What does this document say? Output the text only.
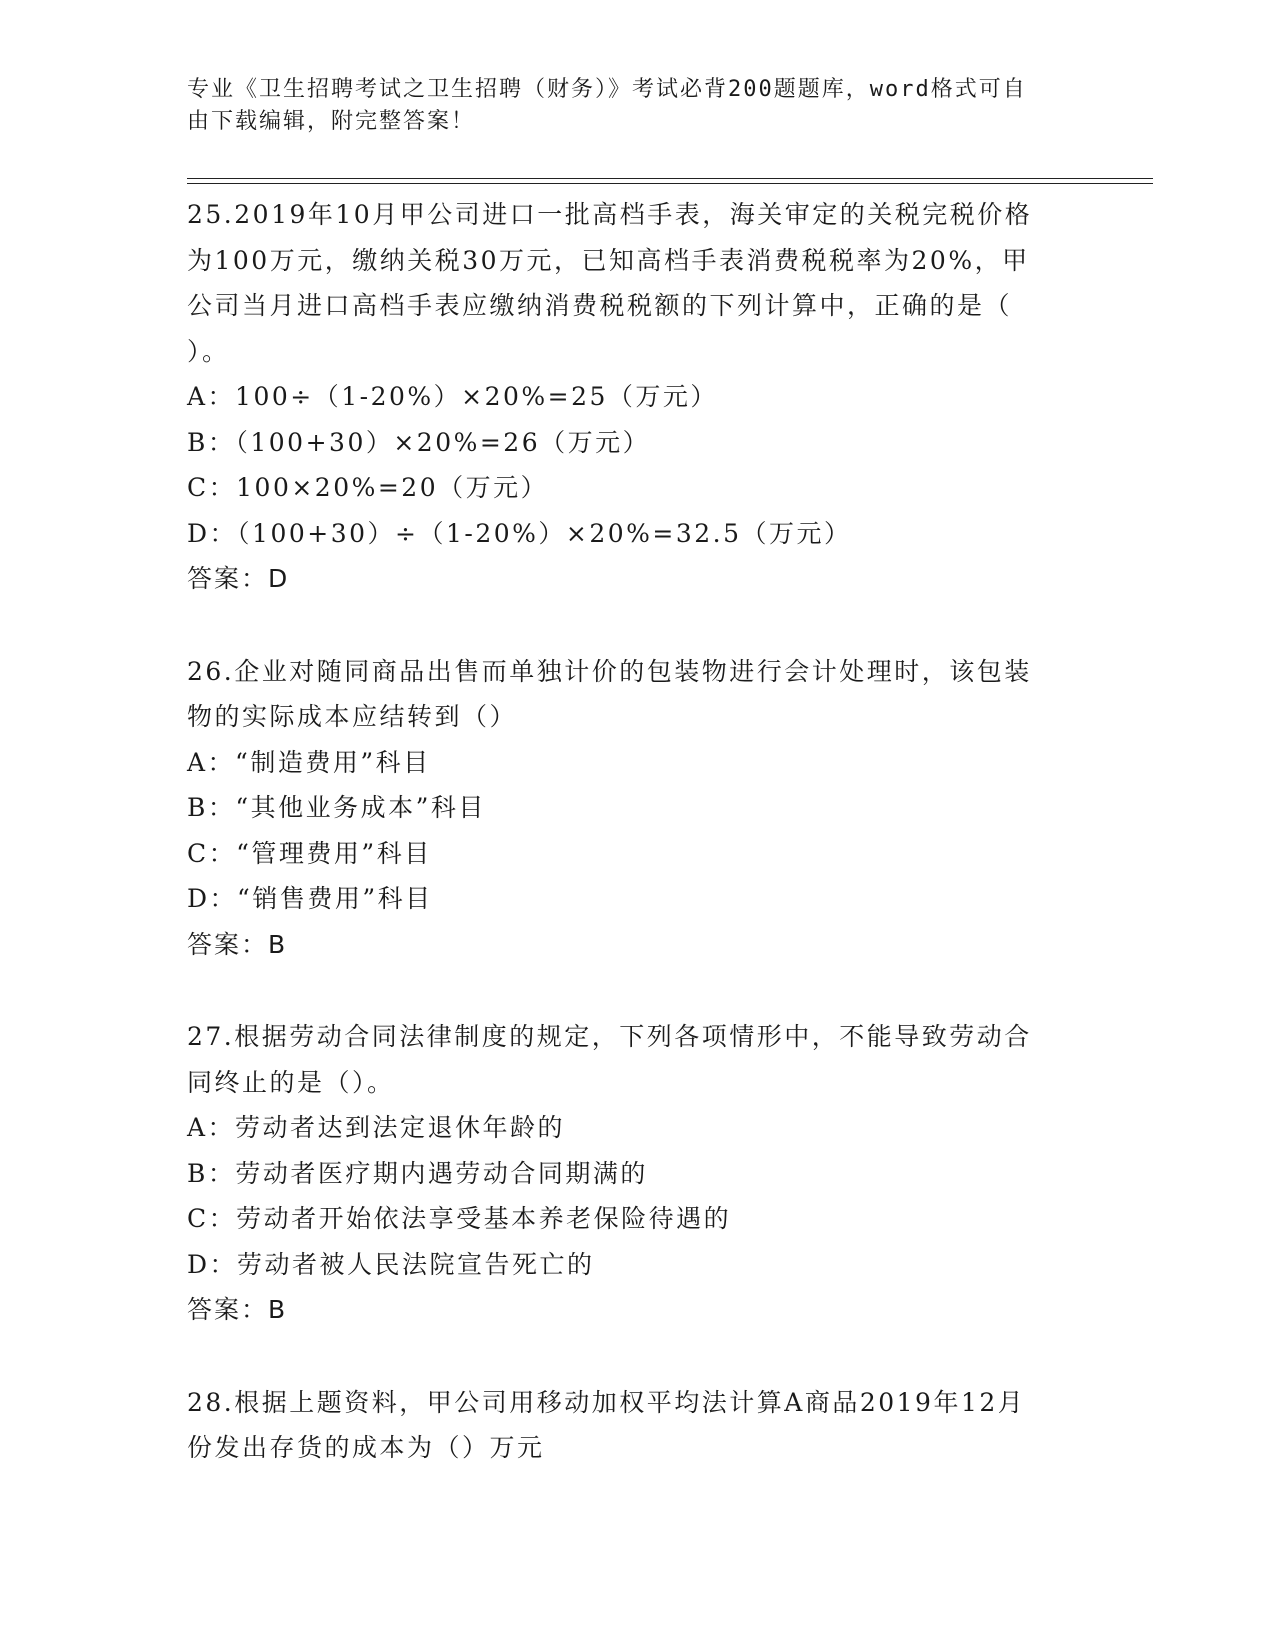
专业《卫生招聘考试之卫生招聘（财务）》考试必背200题题库，word格式可自
由下载编辑，附完整答案！
25.2019年10月甲公司进口一批高档手表，海关审定的关税完税价格
为100万元，缴纳关税30万元，已知高档手表消费税税率为20%，甲
公司当月进口高档手表应缴纳消费税税额的下列计算中，正确的是（
）。
A：100÷（1-20%）×20%=25（万元）
B：（100+30）×20%=26（万元）
C：100×20%=20（万元）
D：（100+30）÷（1-20%）×20%=32.5（万元）
答案：D
26.企业对随同商品出售而单独计价的包装物进行会计处理时，该包装
物的实际成本应结转到（）
A：“制造费用”科目
B：“其他业务成本”科目
C：“管理费用”科目
D：“销售费用”科目
答案：B
27.根据劳动合同法律制度的规定，下列各项情形中，不能导致劳动合
同终止的是（）。
A：劳动者达到法定退休年龄的
B：劳动者医疗期内遇劳动合同期满的
C：劳动者开始依法享受基本养老保险待遇的
D：劳动者被人民法院宣告死亡的
答案：B
28.根据上题资料，甲公司用移动加权平均法计算A商品2019年12月
份发出存货的成本为（）万元
